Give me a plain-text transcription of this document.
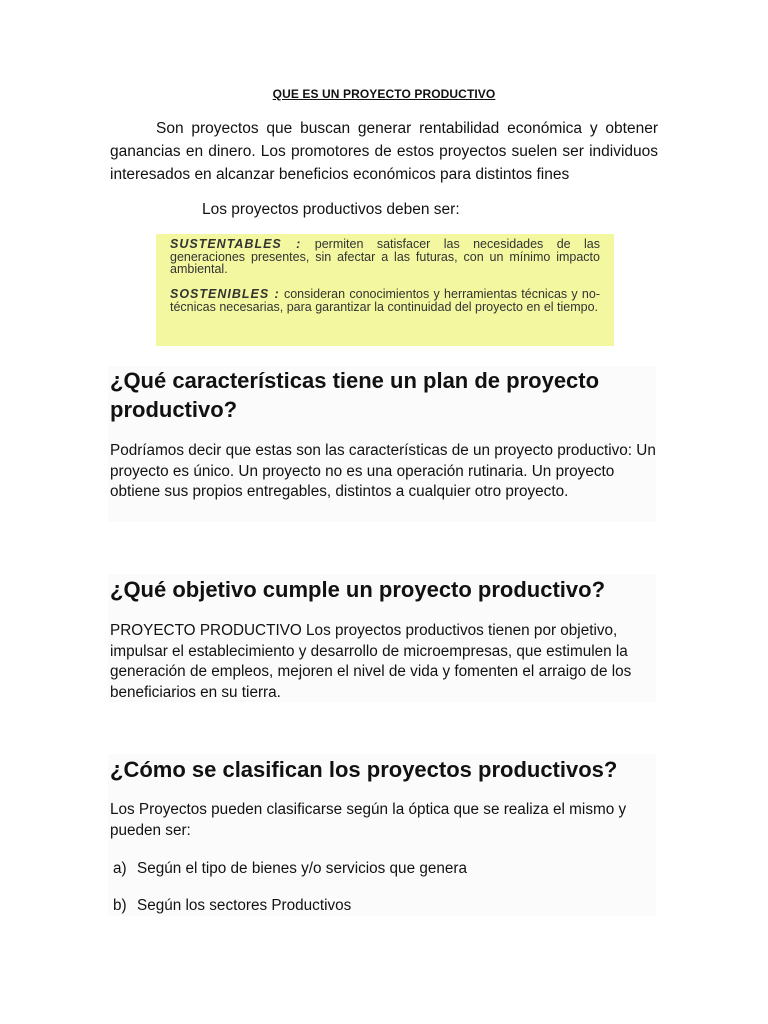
QUE ES UN PROYECTO PRODUCTIVO

Son proyectos que buscan generar rentabilidad económica y obtener ganancias en dinero. Los promotores de estos proyectos suelen ser individuos interesados en alcanzar beneficios económicos para distintos fines

Los proyectos productivos deben ser:

SUSTENTABLES : permiten satisfacer las necesidades de las generaciones presentes, sin afectar a las futuras, con un mínimo impacto ambiental.

SOSTENIBLES : consideran conocimientos y herramientas técnicas y no-técnicas necesarias, para garantizar la continuidad del proyecto en el tiempo.

¿Qué características tiene un plan de proyecto productivo?

Podríamos decir que estas son las características de un proyecto productivo: Un proyecto es único. Un proyecto no es una operación rutinaria. Un proyecto obtiene sus propios entregables, distintos a cualquier otro proyecto.

¿Qué objetivo cumple un proyecto productivo?

PROYECTO PRODUCTIVO Los proyectos productivos tienen por objetivo, impulsar el establecimiento y desarrollo de microempresas, que estimulen la generación de empleos, mejoren el nivel de vida y fomenten el arraigo de los beneficiarios en su tierra.

¿Cómo se clasifican los proyectos productivos?

Los Proyectos pueden clasificarse según la óptica que se realiza el mismo y pueden ser:

a) Según el tipo de bienes y/o servicios que genera
b) Según los sectores Productivos
